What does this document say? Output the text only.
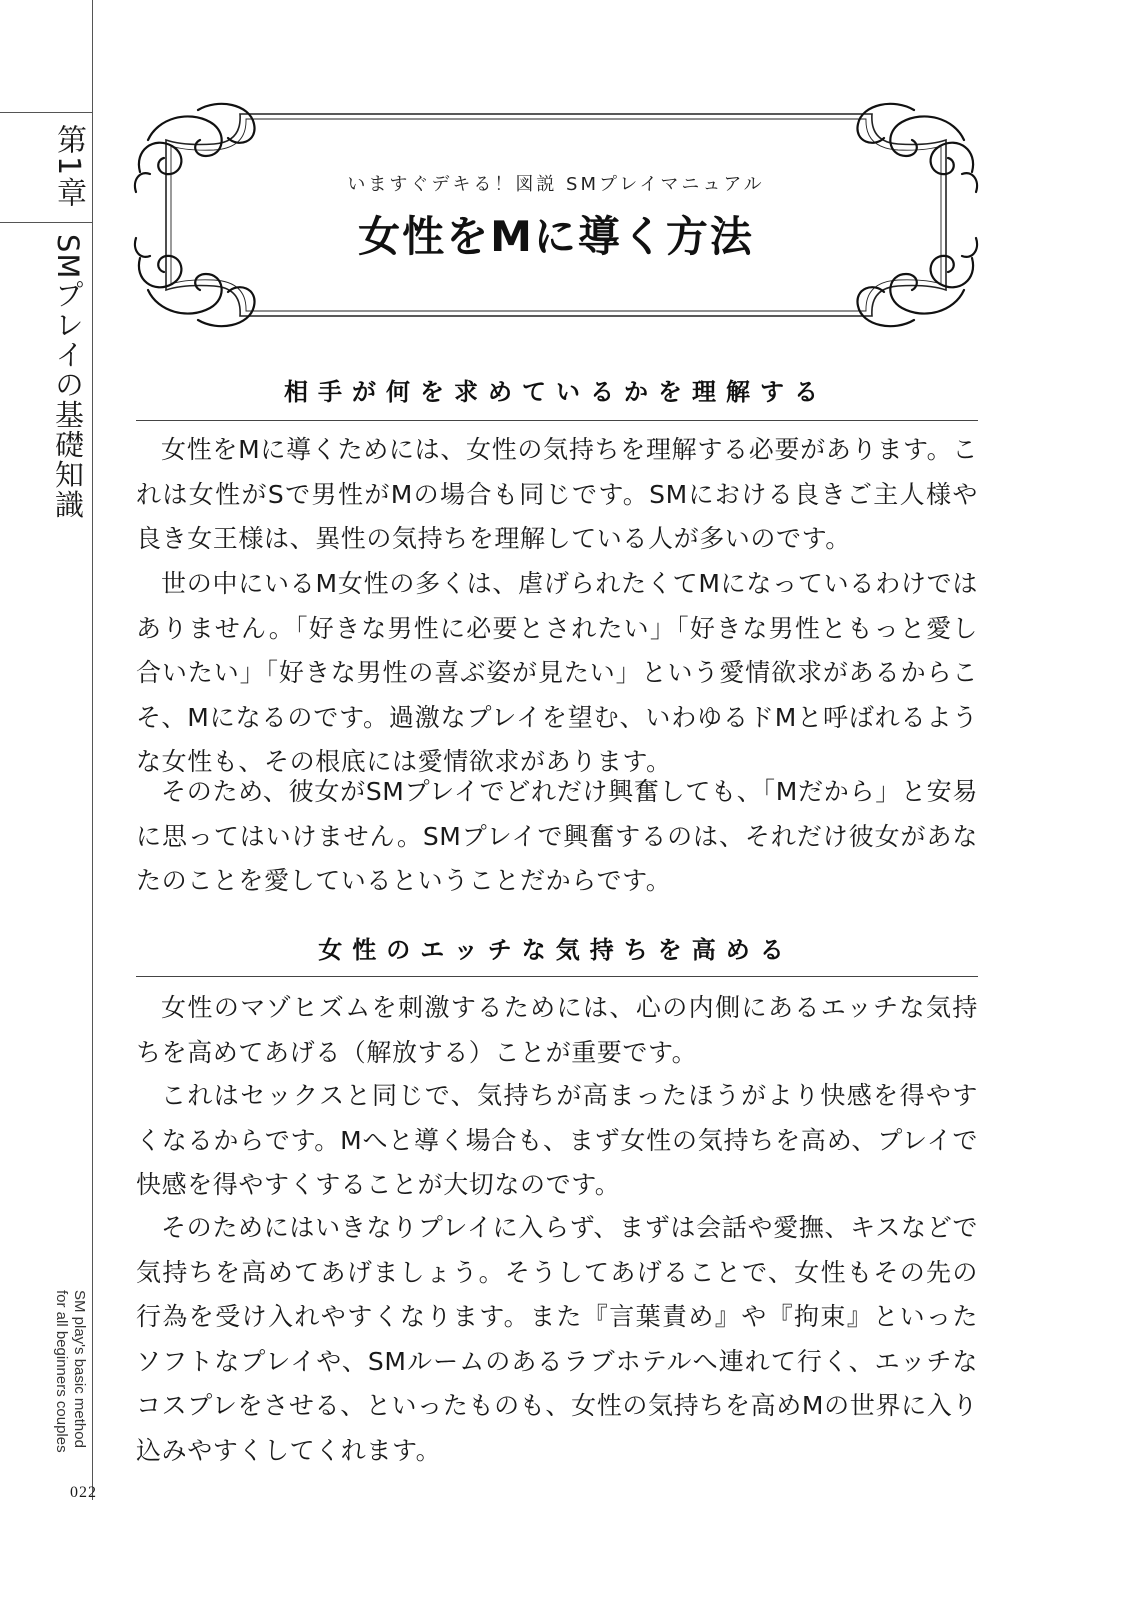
第1章
SMプレイの基礎知識
SM play's basic method
for all beginners couples
022
いますぐデキる！図説 SMプレイマニュアル
女性をMに導く方法
相手が何を求めているかを理解する

女性をMに導くためには、女性の気持ちを理解する必要があります。これは女性がSで男性がMの場合も同じです。SMにおける良きご主人様や良き女王様は、異性の気持ちを理解している人が多いのです。

世の中にいるM女性の多くは、虐げられたくてMになっているわけではありません。「好きな男性に必要とされたい」「好きな男性ともっと愛し合いたい」「好きな男性の喜ぶ姿が見たい」という愛情欲求があるからこそ、Mになるのです。過激なプレイを望む、いわゆるドMと呼ばれるような女性も、その根底には愛情欲求があります。

そのため、彼女がSMプレイでどれだけ興奮しても、「Mだから」と安易に思ってはいけません。SMプレイで興奮するのは、それだけ彼女があなたのことを愛しているということだからです。

女性のエッチな気持ちを高める

女性のマゾヒズムを刺激するためには、心の内側にあるエッチな気持ちを高めてあげる（解放する）ことが重要です。

これはセックスと同じで、気持ちが高まったほうがより快感を得やすくなるからです。Mへと導く場合も、まず女性の気持ちを高め、プレイで快感を得やすくすることが大切なのです。

そのためにはいきなりプレイに入らず、まずは会話や愛撫、キスなどで気持ちを高めてあげましょう。そうしてあげることで、女性もその先の行為を受け入れやすくなります。また『言葉責め』や『拘束』といったソフトなプレイや、SMルームのあるラブホテルへ連れて行く、エッチなコスプレをさせる、といったものも、女性の気持ちを高めMの世界に入り込みやすくしてくれます。
